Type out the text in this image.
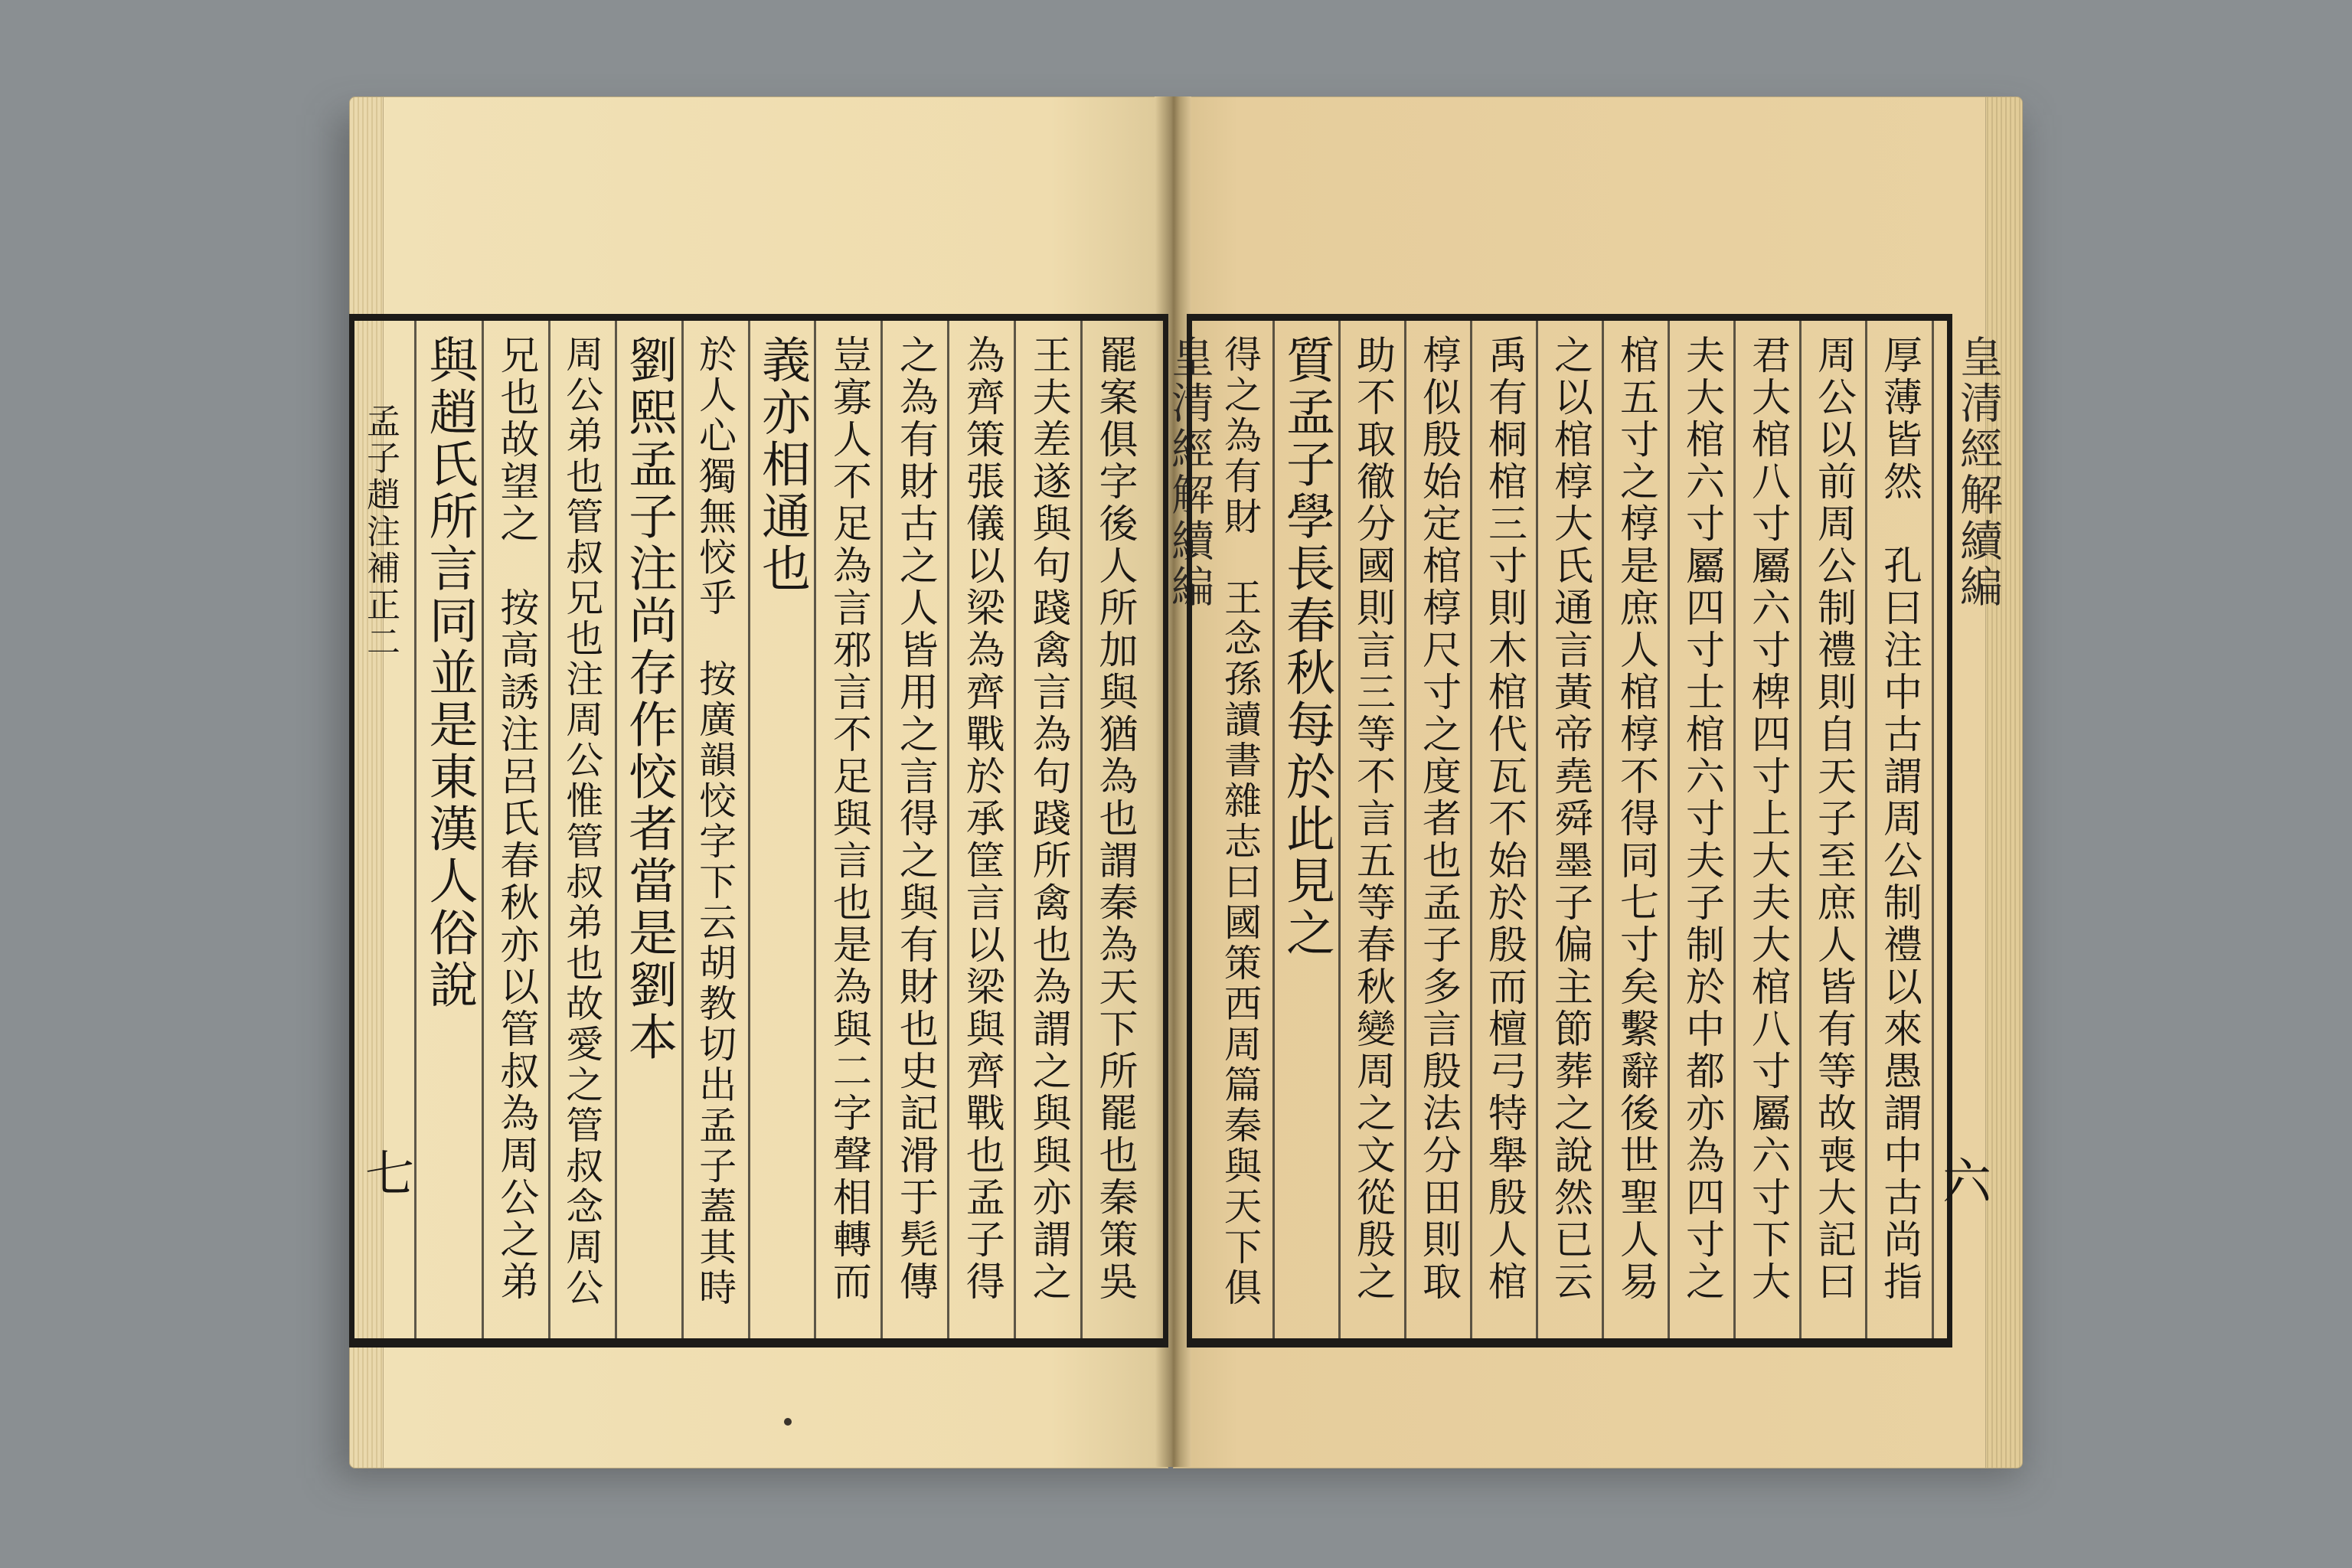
皇清經解續編
孟子趙注補正二	罷案俱字後人所加與猶為也謂秦為天下所罷也秦策吳
王夫差遂與句踐禽言為句踐所禽也為謂之與與亦謂之
為齊策張儀以梁為齊戰於承筐言以梁與齊戰也孟子得
之為有財古之人皆用之言得之與有財也史記滑于髡傳
豈寡人不足為言邪言不足與言也是為與二字聲相轉而
義亦相通也
於人心獨無恔乎　按廣韻恔字下云胡教切出孟子蓋其時
劉熙孟子注尚存作恔者當是劉本
周公弟也管叔兄也注周公惟管叔弟也故愛之管叔念周公
兄也故望之　按高誘注呂氏春秋亦以管叔為周公之弟
與趙氏所言同並是東漢人俗說
七
皇清經解續編
厚薄皆然　孔曰注中古謂周公制禮以來愚謂中古尚指
周公以前周公制禮則自天子至庶人皆有等故喪大記曰
君大棺八寸屬六寸椑四寸上大夫大棺八寸屬六寸下大
夫大棺六寸屬四寸士棺六寸夫子制於中都亦為四寸之
棺五寸之椁是庶人棺椁不得同七寸矣繫辭後世聖人易
之以棺椁大氏通言黃帝堯舜墨子偏主節葬之說然已云
禹有桐棺三寸則木棺代瓦不始於殷而檀弓特舉殷人棺
椁似殷始定棺椁尺寸之度者也孟子多言殷法分田則取
助不取徹分國則言三等不言五等春秋變周之文從殷之
質孟子學長春秋每於此見之
得之為有財　王念孫讀書雜志曰國策西周篇秦與天下俱	六
